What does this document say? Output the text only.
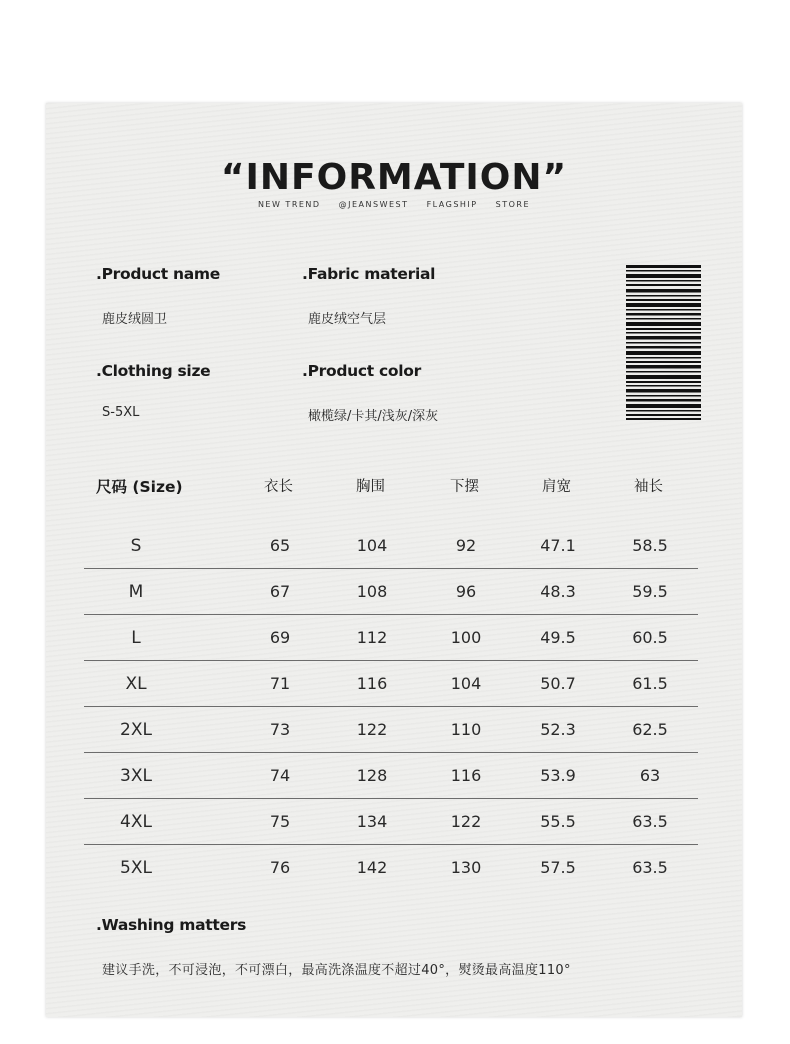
“INFORMATION”
NEW TREND @JEANSWEST FLAGSHIP STORE
.Product name
鹿皮绒圆卫
.Fabric material
鹿皮绒空气层
.Clothing size
S-5XL
.Product color
橄榄绿/卡其/浅灰/深灰
尺码 (Size)	衣长	胸围	下摆	肩宽	袖长
S	65	104	92	47.1	58.5
M	67	108	96	48.3	59.5
L	69	112	100	49.5	60.5
XL	71	116	104	50.7	61.5
2XL	73	122	110	52.3	62.5
3XL	74	128	116	53.9	63
4XL	75	134	122	55.5	63.5
5XL	76	142	130	57.5	63.5
.Washing matters
建议手洗，不可浸泡，不可漂白，最高洗涤温度不超过40°，熨烫最高温度110°
